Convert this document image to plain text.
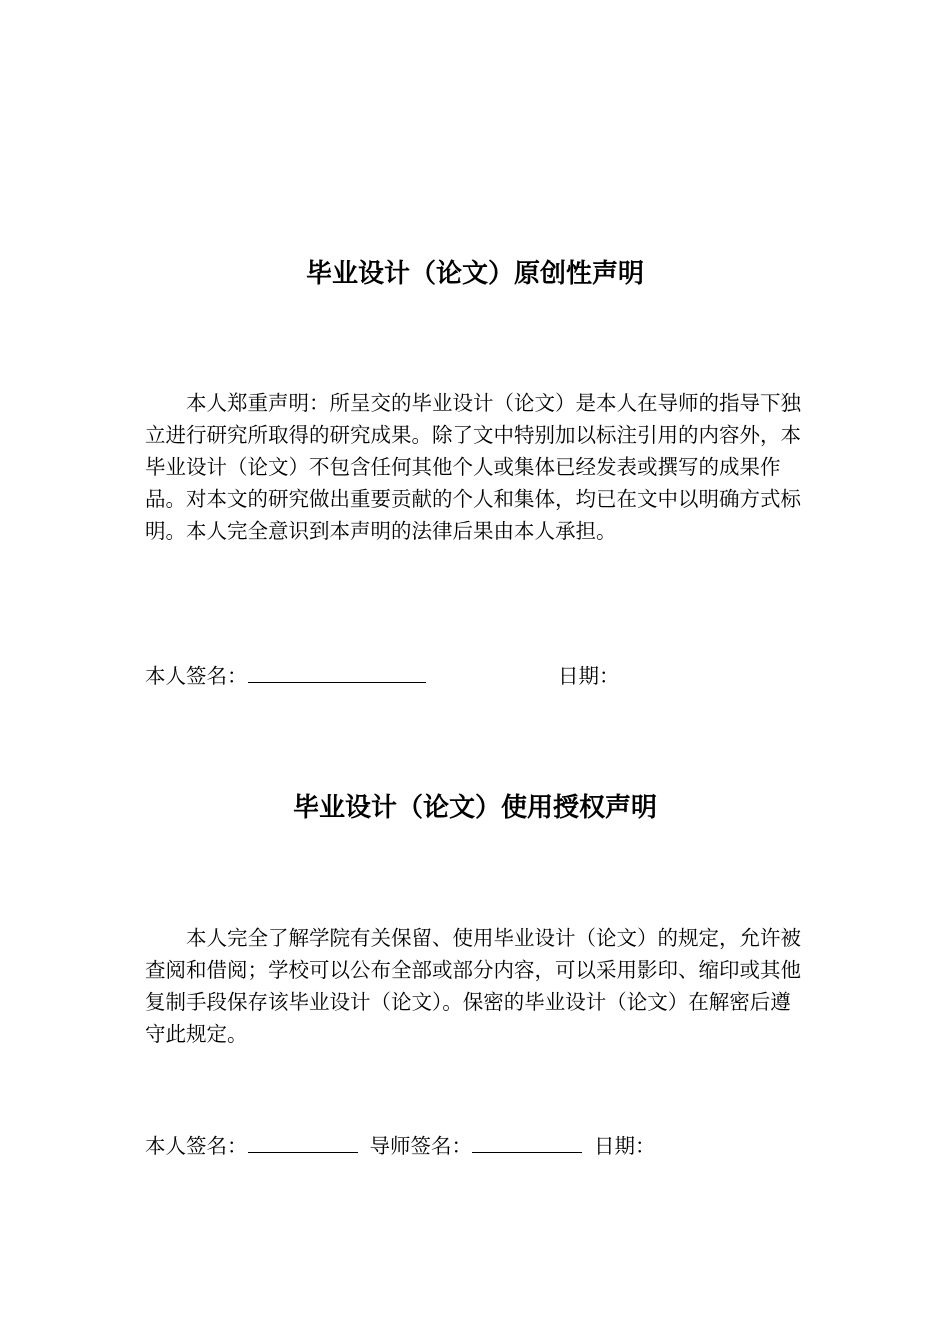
毕业设计（论文）原创性声明

本人郑重声明：所呈交的毕业设计（论文）是本人在导师的指导下独立进行研究所取得的研究成果。除了文中特别加以标注引用的内容外，本毕业设计（论文）不包含任何其他个人或集体已经发表或撰写的成果作品。对本文的研究做出重要贡献的个人和集体，均已在文中以明确方式标明。本人完全意识到本声明的法律后果由本人承担。

本人签名：	日期：
毕业设计（论文）使用授权声明

本人完全了解学院有关保留、使用毕业设计（论文）的规定，允许被查阅和借阅；学校可以公布全部或部分内容，可以采用影印、缩印或其他复制手段保存该毕业设计（论文）。保密的毕业设计（论文）在解密后遵守此规定。

本人签名：	导师签名：	日期：
